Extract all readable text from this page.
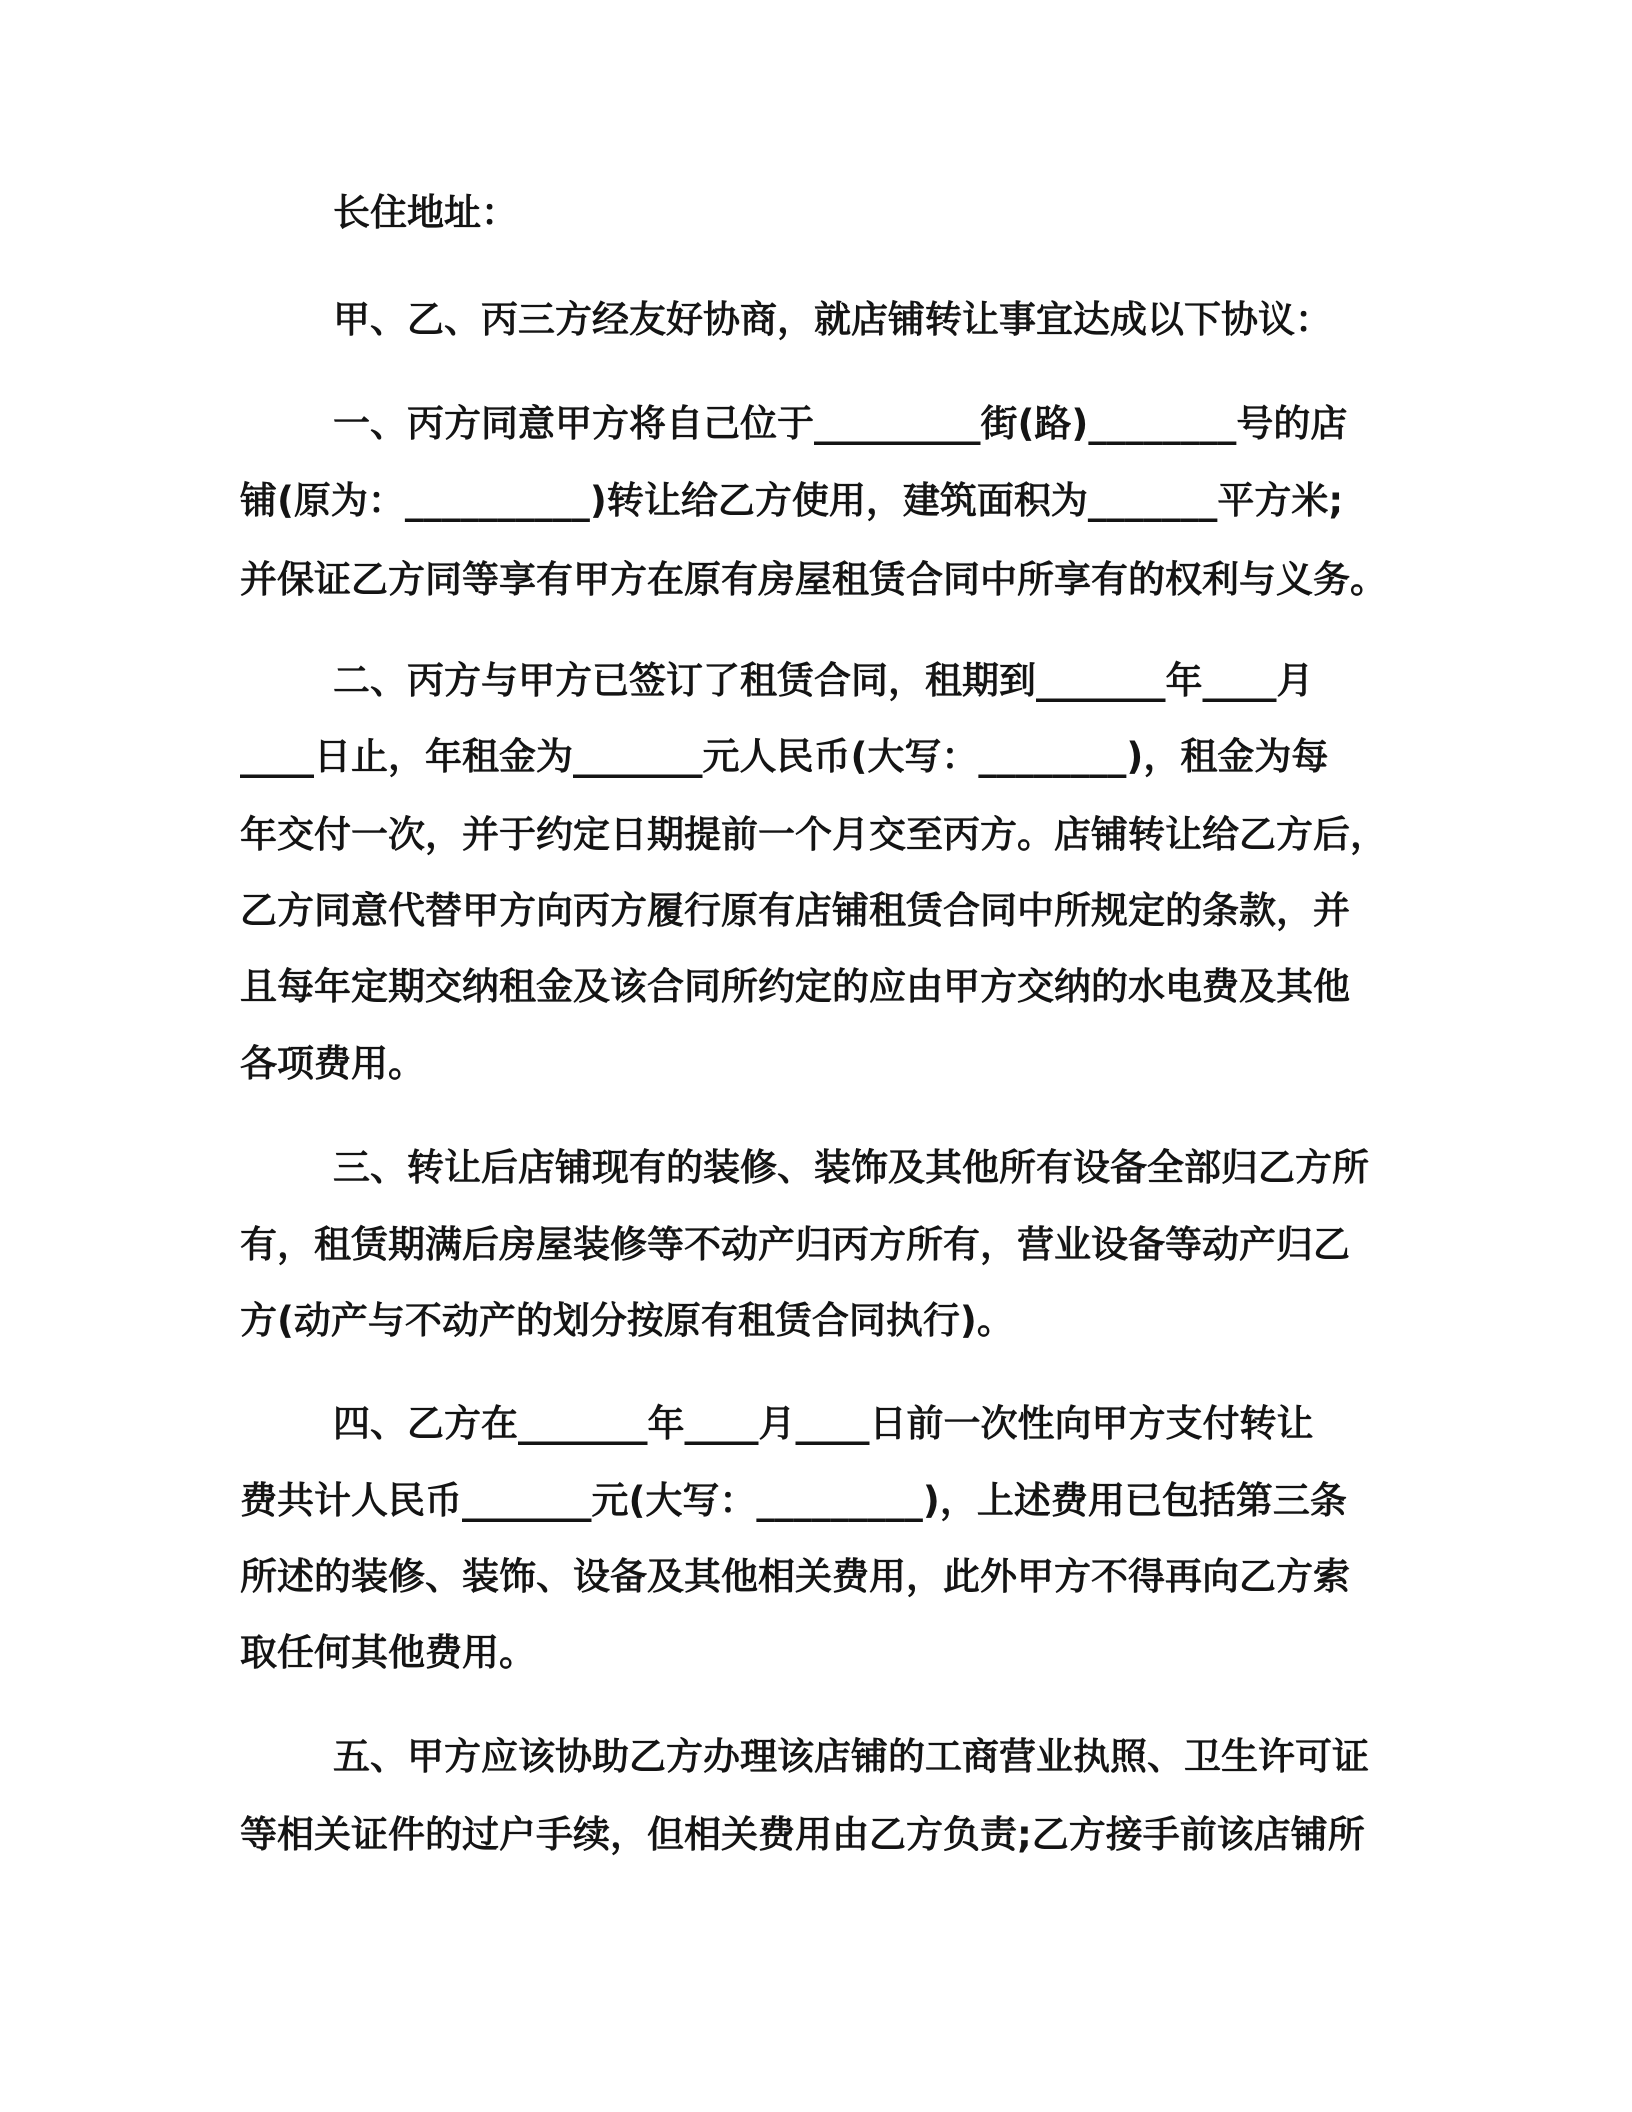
长住地址：
甲、乙、丙三方经友好协商，就店铺转让事宜达成以下协议：
一、丙方同意甲方将自己位于_________街(路)________号的店
铺(原为：__________)转让给乙方使用，建筑面积为_______平方米;
并保证乙方同等享有甲方在原有房屋租赁合同中所享有的权利与义务。
二、丙方与甲方已签订了租赁合同，租期到_______年____月
____日止，年租金为_______元人民币(大写：________)，租金为每
年交付一次，并于约定日期提前一个月交至丙方。店铺转让给乙方后，
乙方同意代替甲方向丙方履行原有店铺租赁合同中所规定的条款，并
且每年定期交纳租金及该合同所约定的应由甲方交纳的水电费及其他
各项费用。
三、转让后店铺现有的装修、装饰及其他所有设备全部归乙方所
有，租赁期满后房屋装修等不动产归丙方所有，营业设备等动产归乙
方(动产与不动产的划分按原有租赁合同执行)。
四、乙方在_______年____月____日前一次性向甲方支付转让
费共计人民币_______元(大写：_________)，上述费用已包括第三条
所述的装修、装饰、设备及其他相关费用，此外甲方不得再向乙方索
取任何其他费用。
五、甲方应该协助乙方办理该店铺的工商营业执照、卫生许可证
等相关证件的过户手续，但相关费用由乙方负责;乙方接手前该店铺所
